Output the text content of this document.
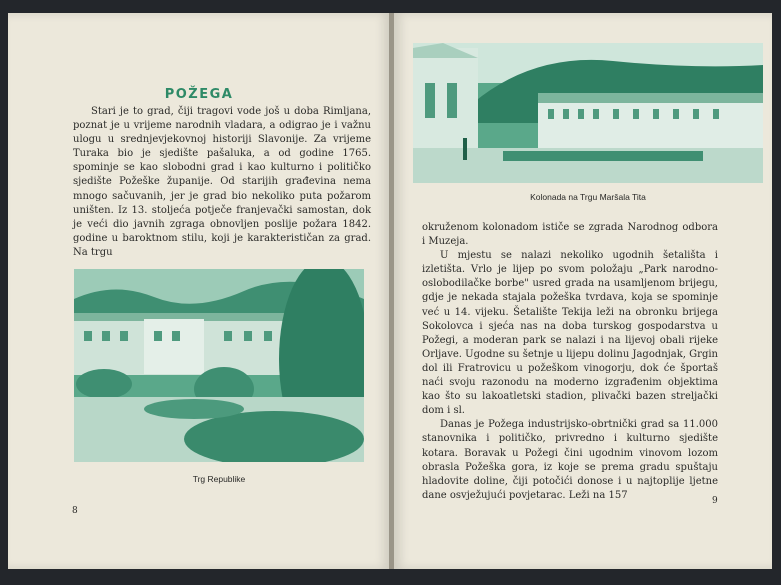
POŽEGA

Stari je to grad, čiji tragovi vode još u doba Rimljana, poznat je u vrijeme narodnih vladara, a odigrao je i važnu ulogu u srednjevjekovnoj historiji Slavonije. Za vrijeme Turaka bio je sjedište pašaluka, a od godine 1765. spominje se kao slobodni grad i kao kulturno i političko sjedište Požeške županije. Od starijih građevina nema mnogo sačuvanih, jer je grad bio nekoliko puta požarom uništen. Iz 13. stoljeća potječe franjevački samostan, dok je veći dio javnih zgraga obnovljen poslije požara 1842. godine u baroktnom stilu, koji je karakterističan za grad. Na trgu

Trg Republike
8
Kolonada na Trgu Maršala Tita

okruženom kolonadom ističe se zgrada Narodnog odbora i Muzeja.

U mjestu se nalazi nekoliko ugodnih šetališta i izletišta. Vrlo je lijep po svom položaju „Park narodno-oslobodilačke borbe" usred grada na usamljenom brijegu, gdje je nekada stajala požeška tvrdava, koja se spominje već u 14. vijeku. Šetalište Tekija leži na obronku brijega Sokolovca i sjeća nas na doba turskog gospodarstva u Požegi, a moderan park se nalazi i na lijevoj obali rijeke Orljave. Ugodne su šetnje u lijepu dolinu Jagodnjak, Grgin dol ili Fratrovicu u požeškom vinogorju, dok će športaš naći svoju razonodu na moderno izgrađenim objektima kao što su lakoatletski stadion, plivački bazen streljački dom i sl.

Danas je Požega industrijsko-obrtnički grad sa 11.000 stanovnika i političko, privredno i kulturno sjedište kotara. Boravak u Požegi čini ugodnim vinovom lozom obrasla Požeška gora, iz koje se prema gradu spuštaju hladovite doline, čiji potočići donose i u najtoplije ljetne dane osvježujući povjetarac. Leži na 157

9
